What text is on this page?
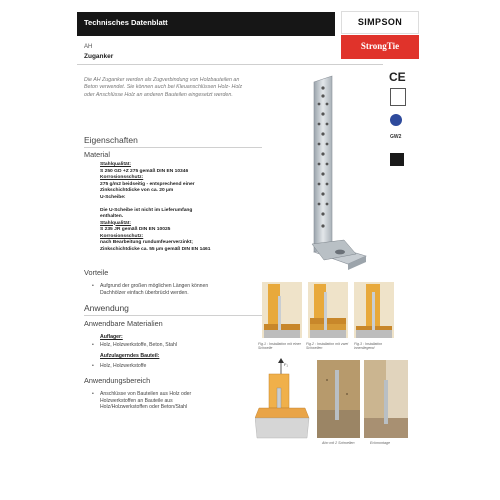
Technisches Datenblatt	SIMPSON
StrongTie
AH
Zuganker
Die AH Zuganker werden als Zugverbindung von Holzbauteilen an Beton verwendet. Sie können auch bei Kleuanschlüssen Holz- Holz oder Anschlüsse Holz an anderen Bauteilen eingesetzt werden.
CE
GW2
Eigenschaften
Material
Stahlqualität:
S 250 GD +Z 275 gemäß DIN EN 10346
Korrosionsschutz:
275 g/m2 beidseitig - entsprechend einer
Zinkschichtdicke von ca. 20 µm
U-Scheibe:
Die U-Scheibe ist nicht im Lieferumfang
enthalten.
Stahlqualität:
S 235 JR gemäß DIN EN 10025
Korrosionsschutz:
nach Bearbeitung rundumfeuerverzinkt;
Zinkschichtdicke ca. 55 µm gemäß DIN EN 1461
Vorteile
•	Aufgrund der großen möglichen Längen können
Dachhölzer einfach überbrückt werden.
Anwendung
Anwendbare Materialien
Auflager:
•	Holz, Holzwerkstoffe, Beton, Stahl
Aufzulagerndes Bauteil:
•	Holz, Holzwerkstoffe
Anwendungsbereich
•	Anschlüsse von Bauteilen aus Holz oder
Holzwerkstoffen an Bauteile aus
Holz/Holzwerkstoffen oder Beton/Stahl
Fig.1 : Installation mit einer Schwelle
Fig.2 : Installation mit zwei Schwellen
Fig.3 : Installation innenliegend
F₁
Ahn mit 2 Schwellen	Eckmontage
